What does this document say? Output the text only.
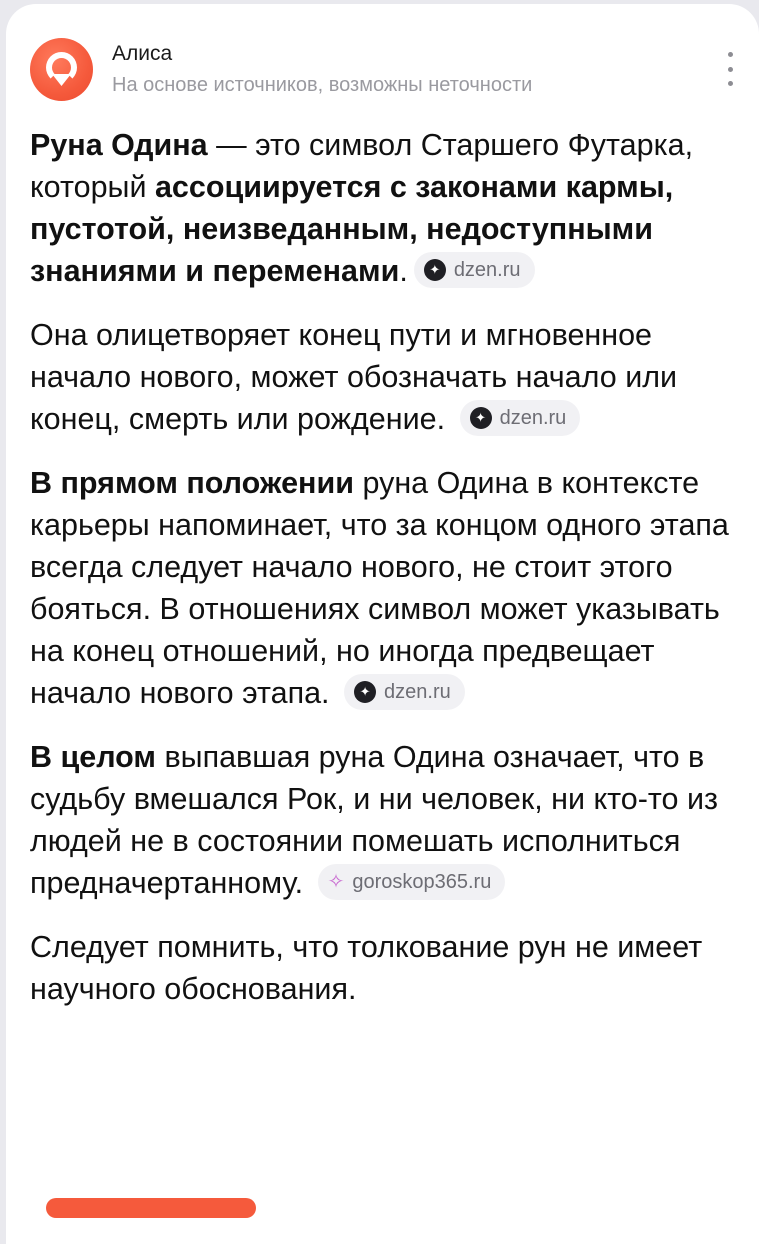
Алиса
На основе источников, возможны неточности

Руна Одина — это символ Старшего Футарка, который ассоциируется с законами кармы, пустотой, неизведанным, недоступными знаниями и переменами.	✦ dzen.ru

Она олицетворяет конец пути и мгновенное начало нового, может обозначать начало или конец, смерть или рождение.	✦ dzen.ru

В прямом положении руна Одина в контексте карьеры напоминает, что за концом одного этапа всегда следует начало нового, не стоит этого бояться. В отношениях символ может указывать на конец отношений, но иногда предвещает начало нового этапа.	✦ dzen.ru

В целом выпавшая руна Одина означает, что в судьбу вмешался Рок, и ни человек, ни кто-то из людей не в состоянии помешать исполниться предначертанному. ✧ goroskop365.ru

Следует помнить, что толкование рун не имеет научного обоснования.
